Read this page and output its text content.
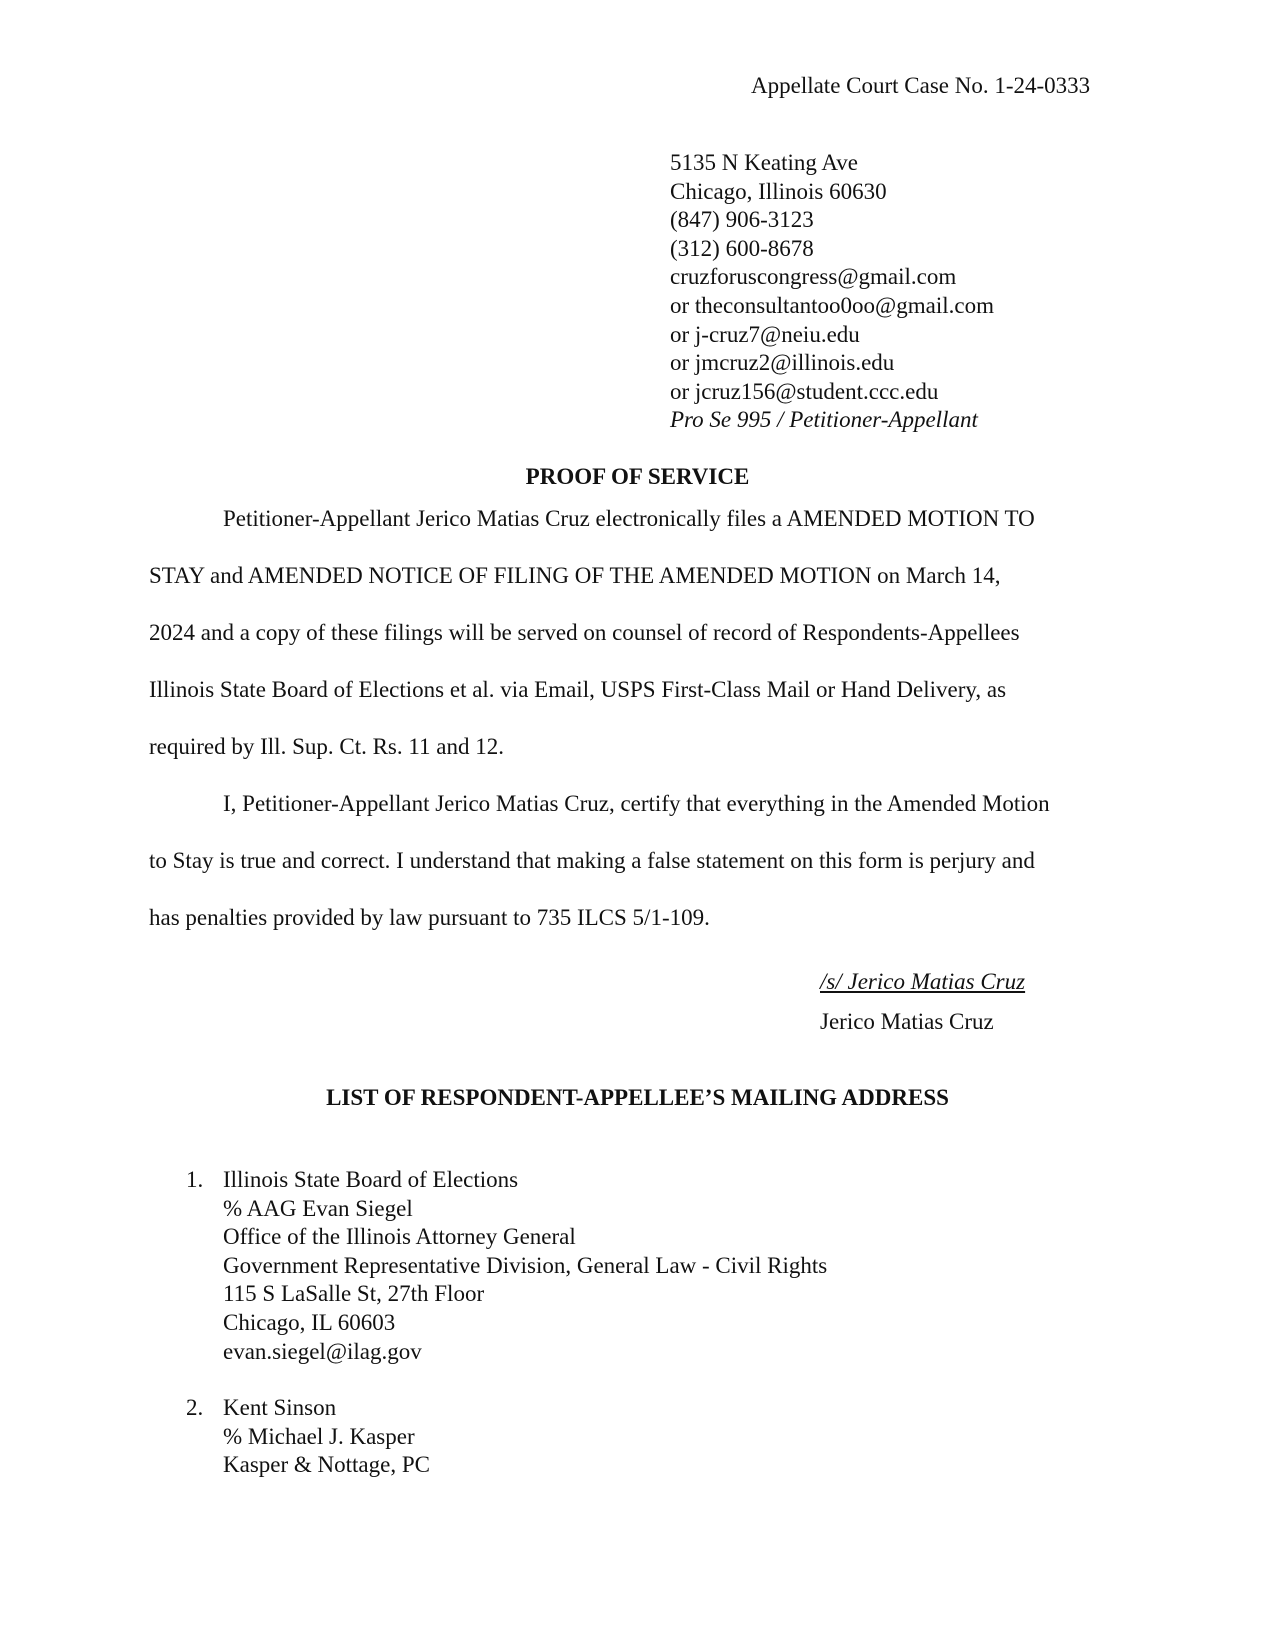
Appellate Court Case No. 1-24-0333
5135 N Keating Ave
Chicago, Illinois 60630
(847) 906-3123
(312) 600-8678
cruzforuscongress@gmail.com
or theconsultantoo0oo@gmail.com
or j-cruz7@neiu.edu
or jmcruz2@illinois.edu
or jcruz156@student.ccc.edu
Pro Se 995 / Petitioner-Appellant
PROOF OF SERVICE
Petitioner-Appellant Jerico Matias Cruz electronically files a AMENDED MOTION TO
STAY and AMENDED NOTICE OF FILING OF THE AMENDED MOTION on March 14,
2024 and a copy of these filings will be served on counsel of record of Respondents-Appellees
Illinois State Board of Elections et al. via Email, USPS First-Class Mail or Hand Delivery, as
required by Ill. Sup. Ct. Rs. 11 and 12.
I, Petitioner-Appellant Jerico Matias Cruz, certify that everything in the Amended Motion
to Stay is true and correct. I understand that making a false statement on this form is perjury and
has penalties provided by law pursuant to 735 ILCS 5/1-109.
/s/ Jerico Matias Cruz
Jerico Matias Cruz
LIST OF RESPONDENT-APPELLEE’S MAILING ADDRESS
1. Illinois State Board of Elections
% AAG Evan Siegel
Office of the Illinois Attorney General
Government Representative Division, General Law - Civil Rights
115 S LaSalle St, 27th Floor
Chicago, IL 60603
evan.siegel@ilag.gov
2. Kent Sinson
% Michael J. Kasper
Kasper & Nottage, PC
